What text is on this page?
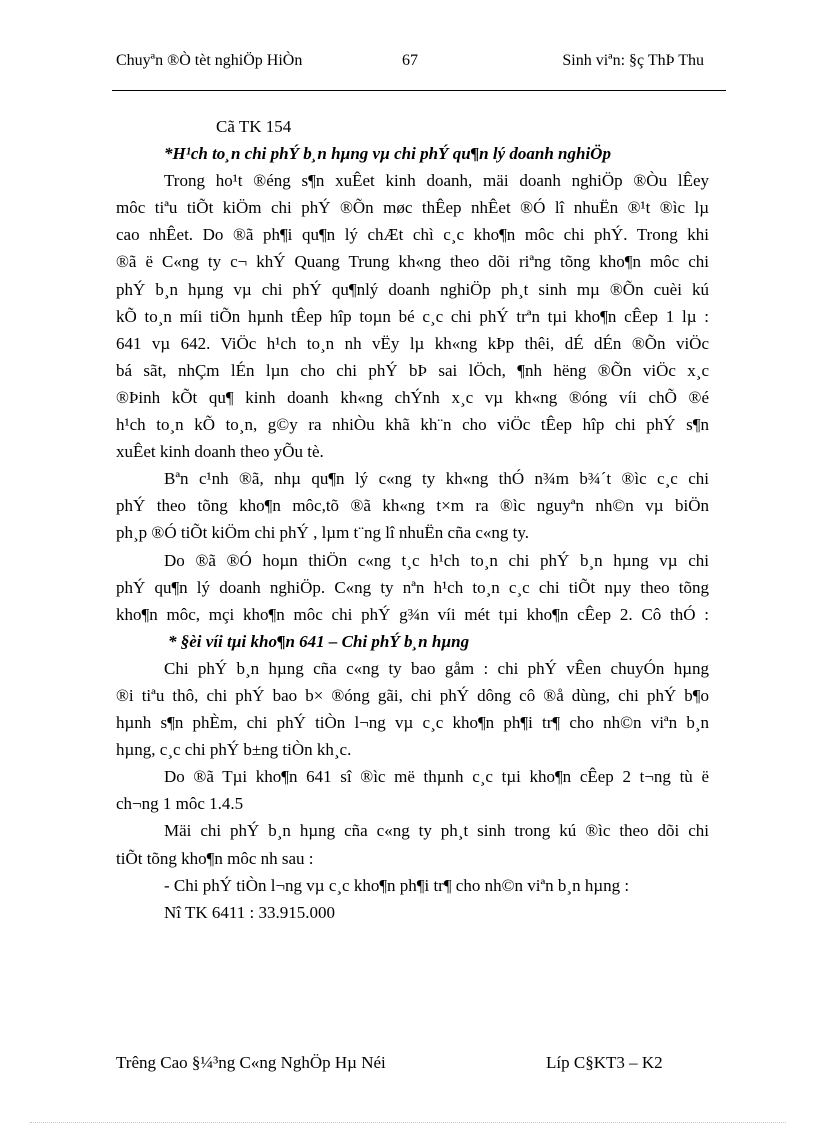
Chuyªn ®Ò tèt nghiÖp HiÒn	67	Sinh viªn: §ç ThÞ Thu
Cã TK 154
*H¹ch to¸n chi phÝ b¸n hµng vµ chi phÝ qu¶n lý doanh nghiÖp
Trong ho¹t ®éng s¶n xuÊet kinh doanh, mäi doanh nghiÖp ®Òu lÊey
môc tiªu tiÕt kiÖm chi phÝ ®Õn møc thÊep nhÊet ®Ó lî nhuËn ®¹t ®ìc lµ
cao nhÊet. Do ®ã ph¶i qu¶n lý chÆt chì c¸c kho¶n môc chi phÝ. Trong khi
®ã ë C«ng ty c¬ khÝ Quang Trung kh«ng theo dõi riªng tõng kho¶n môc chi
phÝ b¸n hµng vµ chi phÝ qu¶nlý doanh nghiÖp ph¸t sinh mµ ®Õn cuèi kú
kÕ to¸n míi tiÕn hµnh tÊep hîp toµn bé c¸c chi phÝ trªn tµi kho¶n cÊep 1 lµ :
641 vµ 642. ViÖc h¹ch to¸n nh vËy lµ kh«ng kÞp thêi, dÉ dÉn ®Õn viÖc
bá sãt, nhÇm lÉn lµn cho chi phÝ bÞ sai lÖch, ¶nh hëng ®Õn viÖc x¸c
®Þinh kÕt qu¶ kinh doanh kh«ng chÝnh x¸c vµ kh«ng ®óng víi chÕ ®é
h¹ch to¸n kÕ to¸n, g©y ra nhiÒu khã kh¨n cho viÖc tÊep hîp chi phÝ s¶n
xuÊet kinh doanh theo yÕu tè.
Bªn c¹nh ®ã, nhµ qu¶n lý c«ng ty kh«ng thÓ n¾m b¾´t ®ìc c¸c chi
phÝ theo tõng kho¶n môc,tõ ®ã kh«ng t×m ra ®ìc nguyªn nh©n vµ biÖn
ph¸p ®Ó tiÕt kiÖm chi phÝ , lµm t¨ng lî nhuËn cña c«ng ty.
Do ®ã ®Ó hoµn thiÖn c«ng t¸c h¹ch to¸n chi phÝ b¸n hµng vµ chi
phÝ qu¶n lý doanh nghiÖp. C«ng ty nªn h¹ch to¸n c¸c chi tiÕt nµy theo tõng
kho¶n môc, mçi kho¶n môc chi phÝ g¾n víi mét tµi kho¶n cÊep 2. Cô thÓ :
* §èi víi tµi kho¶n 641 – Chi phÝ b¸n hµng
Chi phÝ b¸n hµng cña c«ng ty bao gåm : chi phÝ vÊen chuyÓn hµng
®i tiªu thô, chi phÝ bao b× ®óng gãi, chi phÝ dông cô ®å dùng, chi phÝ b¶o
hµnh s¶n phÈm, chi phÝ tiÒn l¬ng vµ c¸c kho¶n ph¶i tr¶ cho nh©n viªn b¸n
hµng, c¸c chi phÝ b±ng tiÒn kh¸c.
Do ®ã Tµi kho¶n 641 sî ®ìc më thµnh c¸c tµi kho¶n cÊep 2 t¬ng tù ë
ch¬ng 1 môc 1.4.5
Mäi chi phÝ b¸n hµng cña c«ng ty ph¸t sinh trong kú ®ìc theo dõi chi
tiÕt tõng kho¶n môc nh sau :
- Chi phÝ tiÒn l¬ng vµ c¸c kho¶n ph¶i tr¶ cho nh©n viªn b¸n hµng :
Nî TK 6411 : 33.915.000
Trêng Cao §¼³ng C«ng NghÖp Hµ Néi	Líp C§KT3 – K2
